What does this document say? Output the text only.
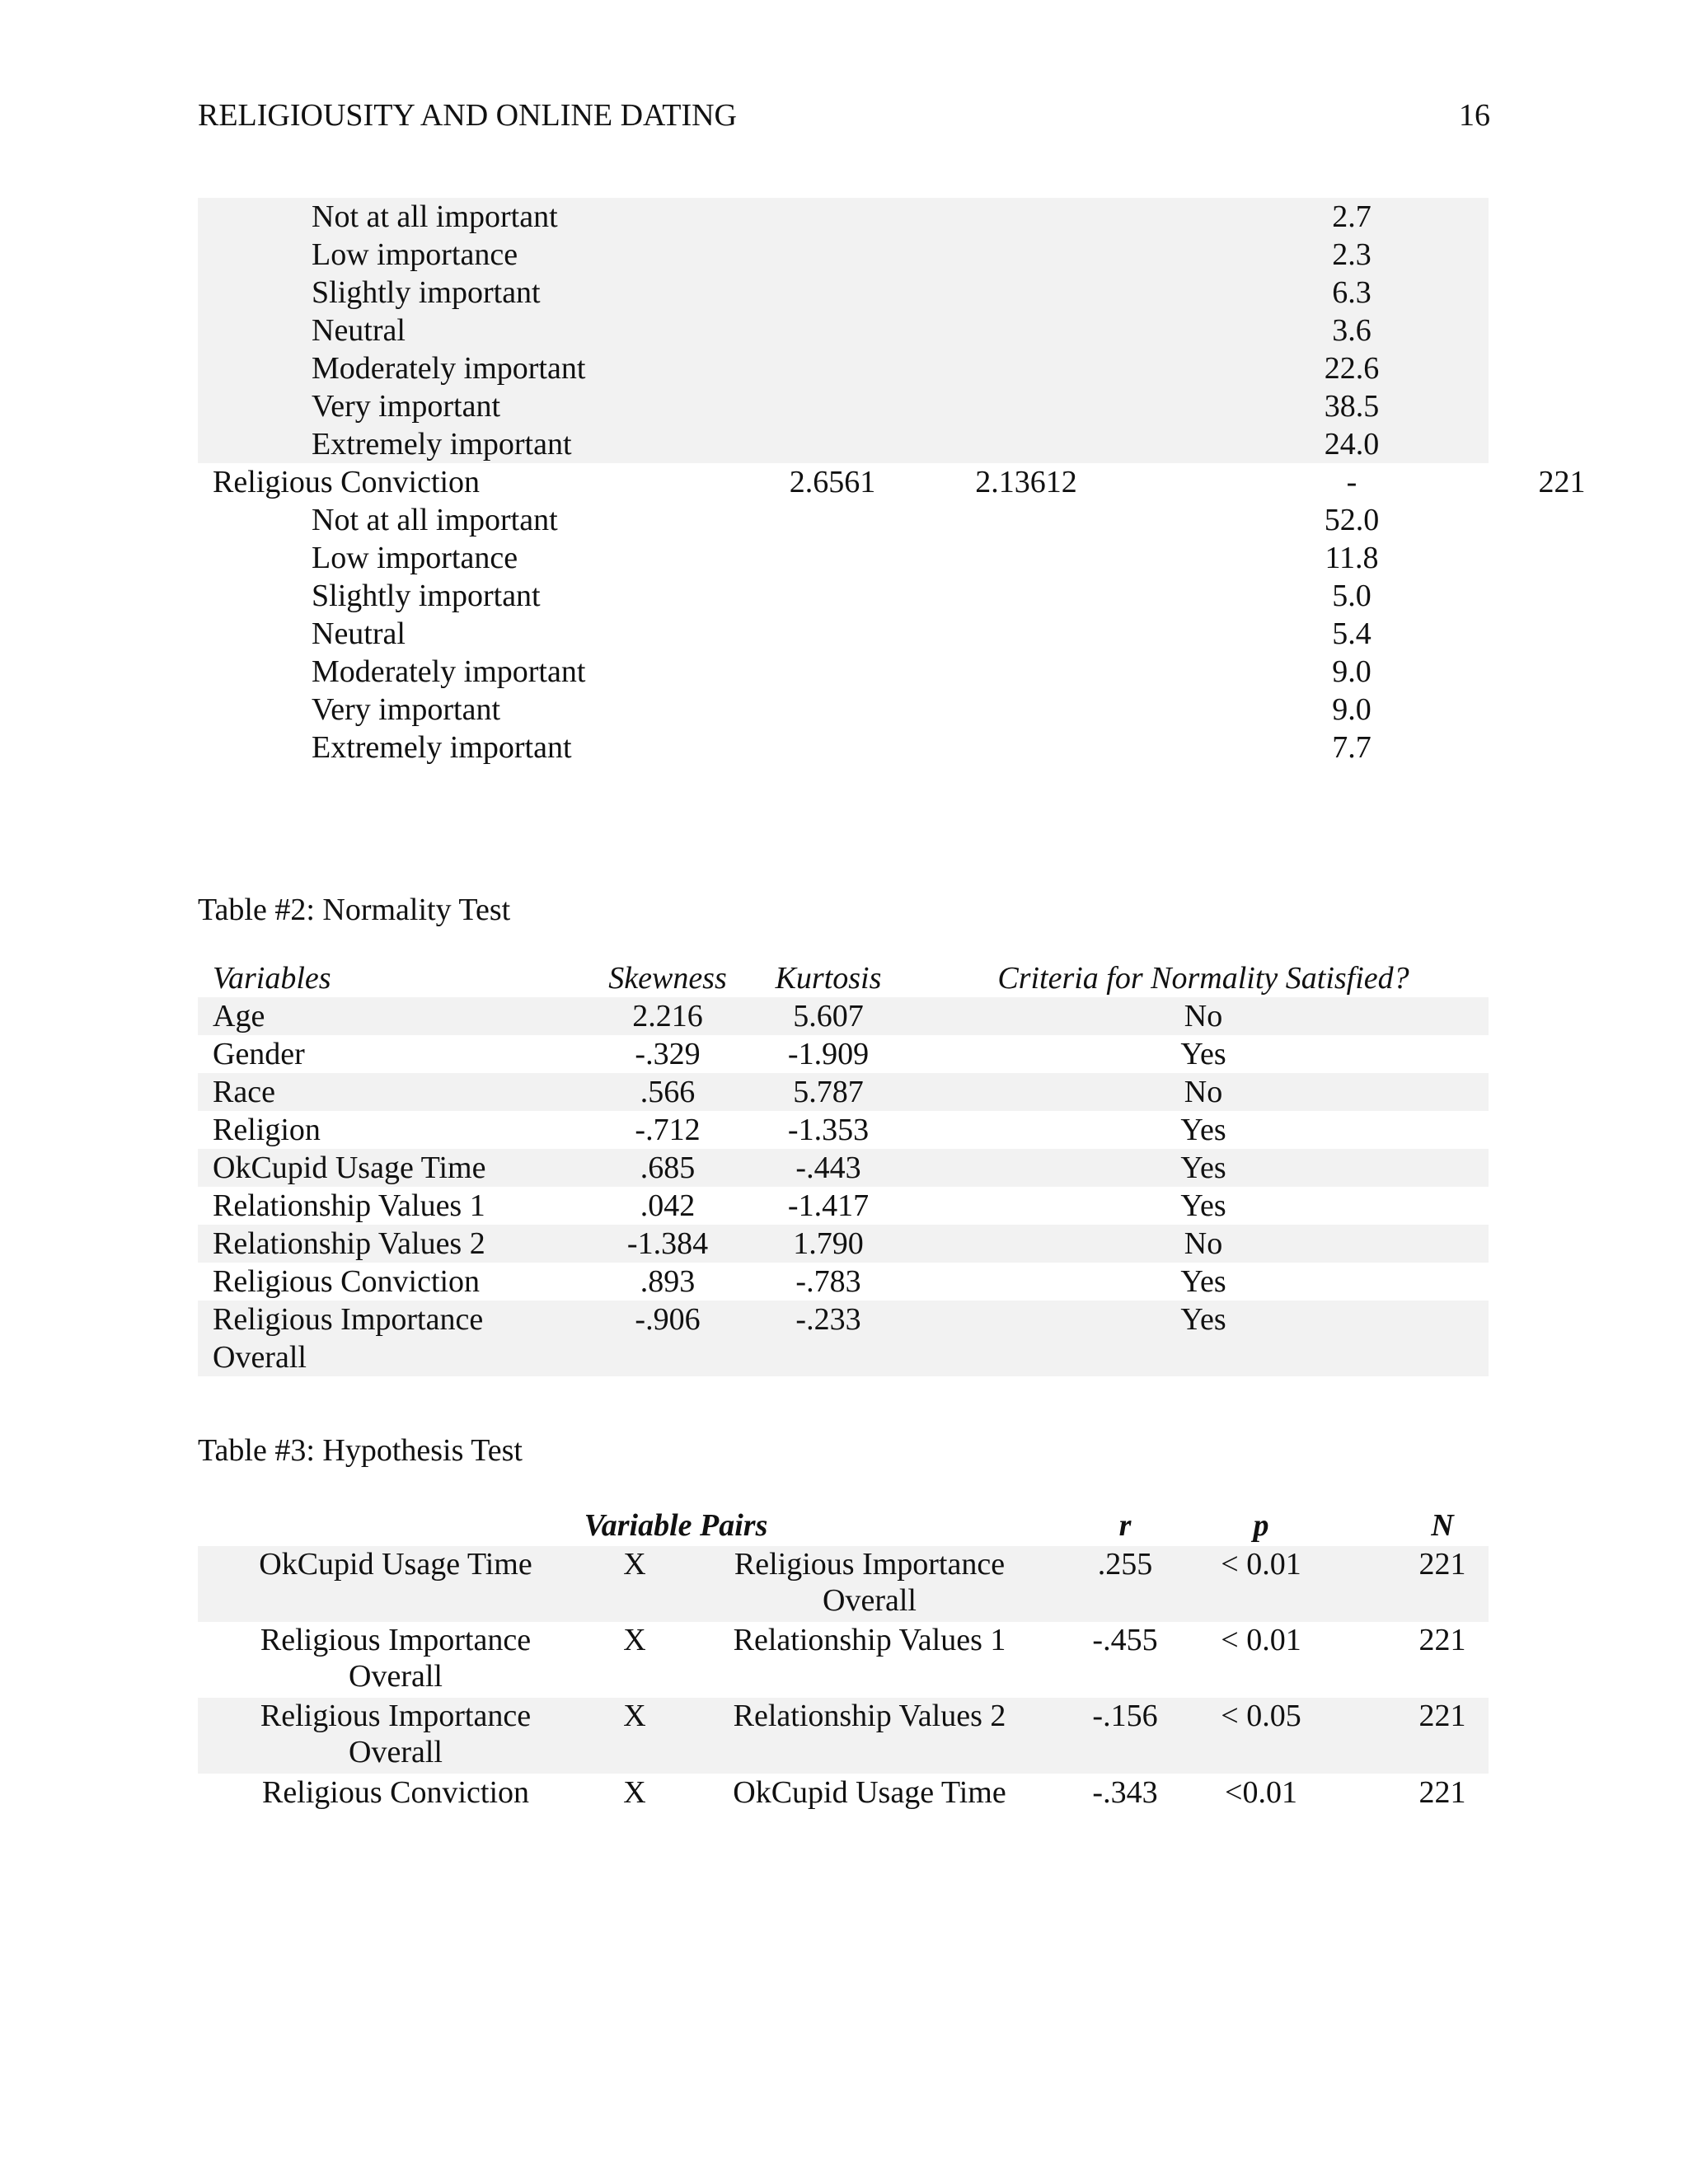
RELIGIOUSITY AND ONLINE DATING	16
Not at all important	2.7
Low importance	2.3
Slightly important	6.3
Neutral	3.6
Moderately important	22.6
Very important	38.5
Extremely important	24.0
Religious Conviction	2.6561	2.13612	-	221
Not at all important	52.0
Low importance	11.8
Slightly important	5.0
Neutral	5.4
Moderately important	9.0
Very important	9.0
Extremely important	7.7
Table #2: Normality Test
Variables	Skewness	Kurtosis	Criteria for Normality Satisfied?
Age	2.216	5.607	No
Gender	-.329	-1.909	Yes
Race	.566	5.787	No
Religion	-.712	-1.353	Yes
OkCupid Usage Time	.685	-.443	Yes
Relationship Values 1	.042	-1.417	Yes
Relationship Values 2	-1.384	1.790	No
Religious Conviction	.893	-.783	Yes
Religious Importance
Overall
-.906	-.233	Yes
Table #3: Hypothesis Test
Variable Pairs	r	p	N
OkCupid Usage Time	X	Religious Importance
Overall
.255	< 0.01	221
Religious Importance
Overall
X	Relationship Values 1	-.455	< 0.01	221
Religious Importance
Overall
X	Relationship Values 2	-.156	< 0.05	221
Religious Conviction	X	OkCupid Usage Time	-.343	<0.01	221
